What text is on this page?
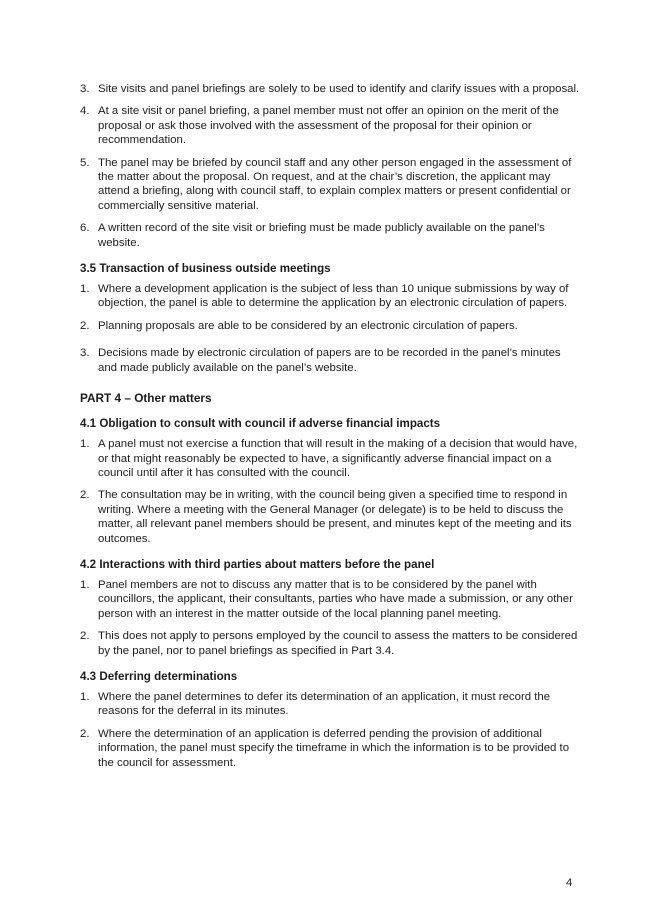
3. Site visits and panel briefings are solely to be used to identify and clarify issues with a proposal.
4. At a site visit or panel briefing, a panel member must not offer an opinion on the merit of the proposal or ask those involved with the assessment of the proposal for their opinion or recommendation.
5. The panel may be briefed by council staff and any other person engaged in the assessment of the matter about the proposal. On request, and at the chair’s discretion, the applicant may attend a briefing, along with council staff, to explain complex matters or present confidential or commercially sensitive material.
6. A written record of the site visit or briefing must be made publicly available on the panel’s website.
3.5 Transaction of business outside meetings
1. Where a development application is the subject of less than 10 unique submissions by way of objection, the panel is able to determine the application by an electronic circulation of papers.
2. Planning proposals are able to be considered by an electronic circulation of papers.
3. Decisions made by electronic circulation of papers are to be recorded in the panel’s minutes and made publicly available on the panel’s website.
PART 4 – Other matters
4.1 Obligation to consult with council if adverse financial impacts
1. A panel must not exercise a function that will result in the making of a decision that would have, or that might reasonably be expected to have, a significantly adverse financial impact on a council until after it has consulted with the council.
2. The consultation may be in writing, with the council being given a specified time to respond in writing. Where a meeting with the General Manager (or delegate) is to be held to discuss the matter, all relevant panel members should be present, and minutes kept of the meeting and its outcomes.
4.2 Interactions with third parties about matters before the panel
1. Panel members are not to discuss any matter that is to be considered by the panel with councillors, the applicant, their consultants, parties who have made a submission, or any other person with an interest in the matter outside of the local planning panel meeting.
2. This does not apply to persons employed by the council to assess the matters to be considered by the panel, nor to panel briefings as specified in Part 3.4.
4.3 Deferring determinations
1. Where the panel determines to defer its determination of an application, it must record the reasons for the deferral in its minutes.
2. Where the determination of an application is deferred pending the provision of additional information, the panel must specify the timeframe in which the information is to be provided to the council for assessment.
4
